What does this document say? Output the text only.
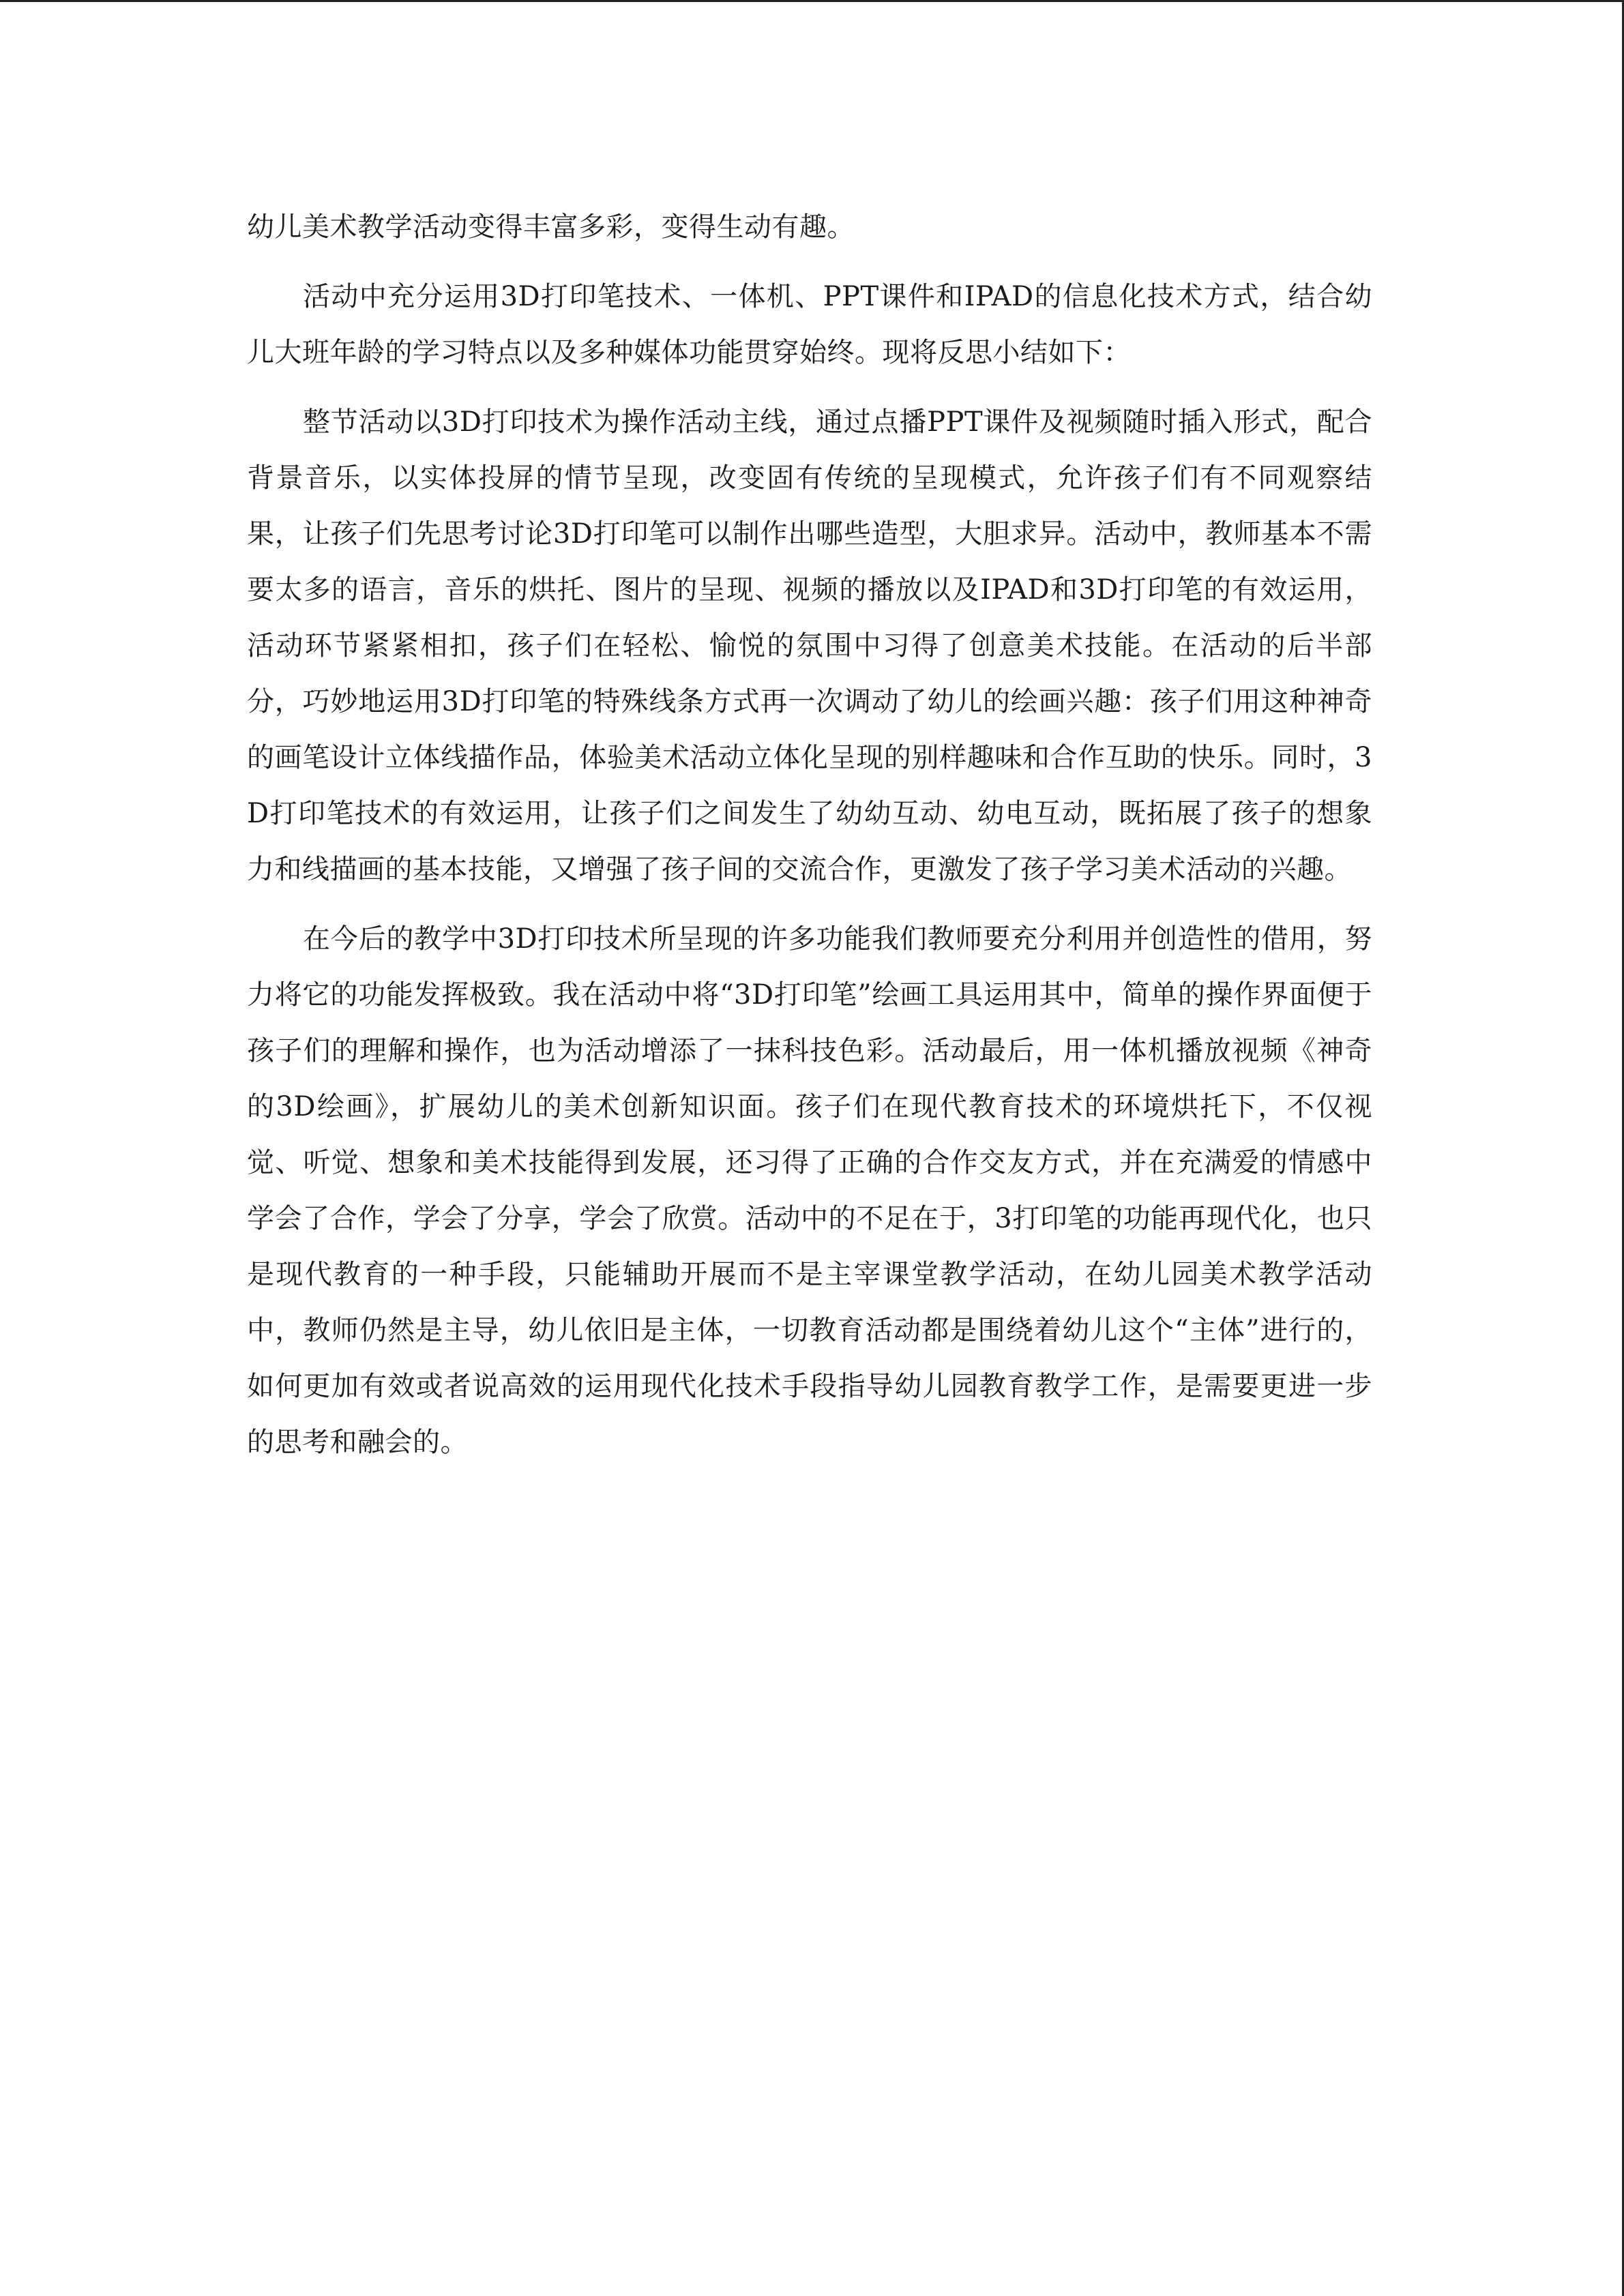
幼儿美术教学活动变得丰富多彩，变得生动有趣。

活动中充分运用3D打印笔技术、一体机、PPT课件和IPAD的信息化技术方式，结合幼儿大班年龄的学习特点以及多种媒体功能贯穿始终。现将反思小结如下：

整节活动以3D打印技术为操作活动主线，通过点播PPT课件及视频随时插入形式，配合背景音乐，以实体投屏的情节呈现，改变固有传统的呈现模式，允许孩子们有不同观察结果，让孩子们先思考讨论3D打印笔可以制作出哪些造型，大胆求异。活动中，教师基本不需要太多的语言，音乐的烘托、图片的呈现、视频的播放以及IPAD和3D打印笔的有效运用，活动环节紧紧相扣，孩子们在轻松、愉悦的氛围中习得了创意美术技能。在活动的后半部分，巧妙地运用3D打印笔的特殊线条方式再一次调动了幼儿的绘画兴趣：孩子们用这种神奇的画笔设计立体线描作品，体验美术活动立体化呈现的别样趣味和合作互助的快乐。同时，3D打印笔技术的有效运用，让孩子们之间发生了幼幼互动、幼电互动，既拓展了孩子的想象力和线描画的基本技能，又增强了孩子间的交流合作，更激发了孩子学习美术活动的兴趣。

在今后的教学中3D打印技术所呈现的许多功能我们教师要充分利用并创造性的借用，努力将它的功能发挥极致。我在活动中将“3D打印笔”绘画工具运用其中，简单的操作界面便于孩子们的理解和操作，也为活动增添了一抹科技色彩。活动最后，用一体机播放视频《神奇的3D绘画》，扩展幼儿的美术创新知识面。孩子们在现代教育技术的环境烘托下，不仅视觉、听觉、想象和美术技能得到发展，还习得了正确的合作交友方式，并在充满爱的情感中学会了合作，学会了分享，学会了欣赏。活动中的不足在于，3打印笔的功能再现代化，也只是现代教育的一种手段，只能辅助开展而不是主宰课堂教学活动，在幼儿园美术教学活动中，教师仍然是主导，幼儿依旧是主体，一切教育活动都是围绕着幼儿这个“主体”进行的，如何更加有效或者说高效的运用现代化技术手段指导幼儿园教育教学工作，是需要更进一步的思考和融会的。
